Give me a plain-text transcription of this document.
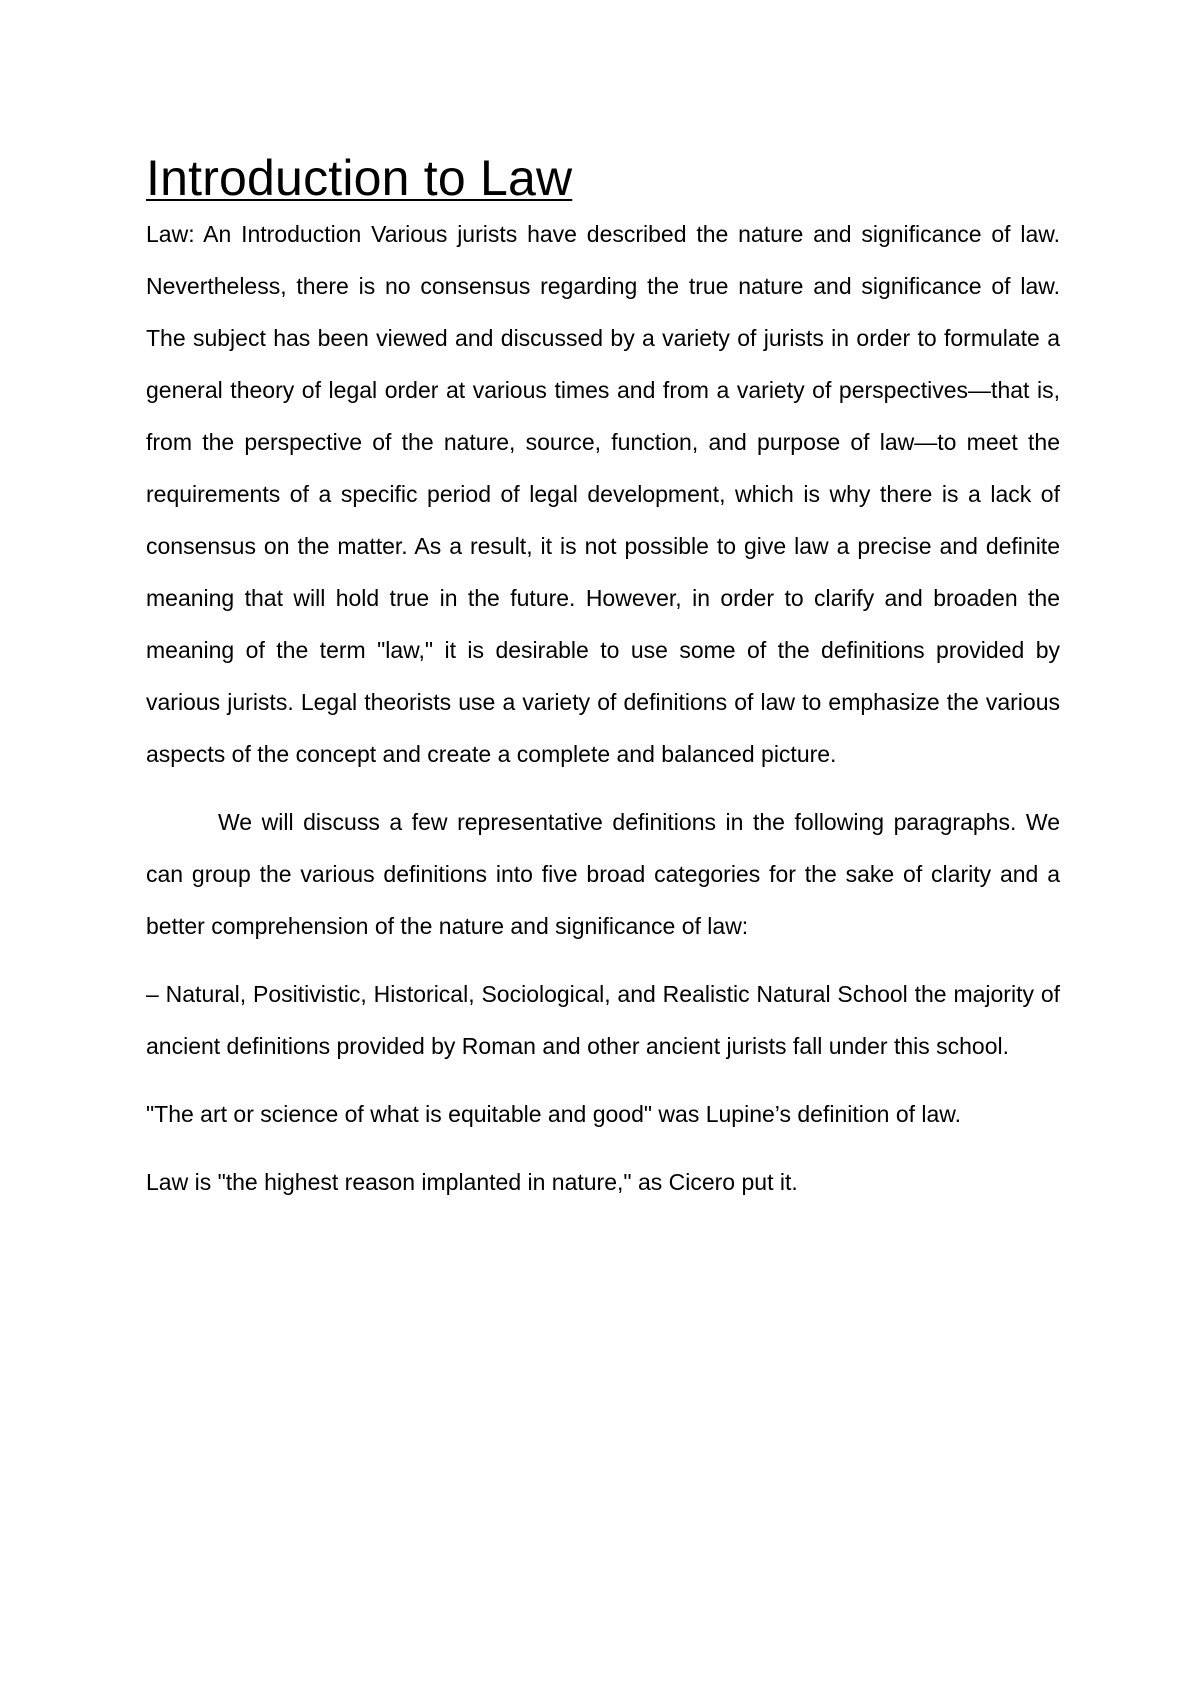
Introduction to Law

Law: An Introduction Various jurists have described the nature and significance of law. Nevertheless, there is no consensus regarding the true nature and significance of law. The subject has been viewed and discussed by a variety of jurists in order to formulate a general theory of legal order at various times and from a variety of perspectives—that is, from the perspective of the nature, source, function, and purpose of law—to meet the requirements of a specific period of legal development, which is why there is a lack of consensus on the matter. As a result, it is not possible to give law a precise and definite meaning that will hold true in the future. However, in order to clarify and broaden the meaning of the term "law," it is desirable to use some of the definitions provided by various jurists. Legal theorists use a variety of definitions of law to emphasize the various aspects of the concept and create a complete and balanced picture.

We will discuss a few representative definitions in the following paragraphs. We can group the various definitions into five broad categories for the sake of clarity and a better comprehension of the nature and significance of law:

– Natural, Positivistic, Historical, Sociological, and Realistic Natural School the majority of ancient definitions provided by Roman and other ancient jurists fall under this school.

"The art or science of what is equitable and good" was Lupine’s definition of law.

Law is "the highest reason implanted in nature," as Cicero put it.
